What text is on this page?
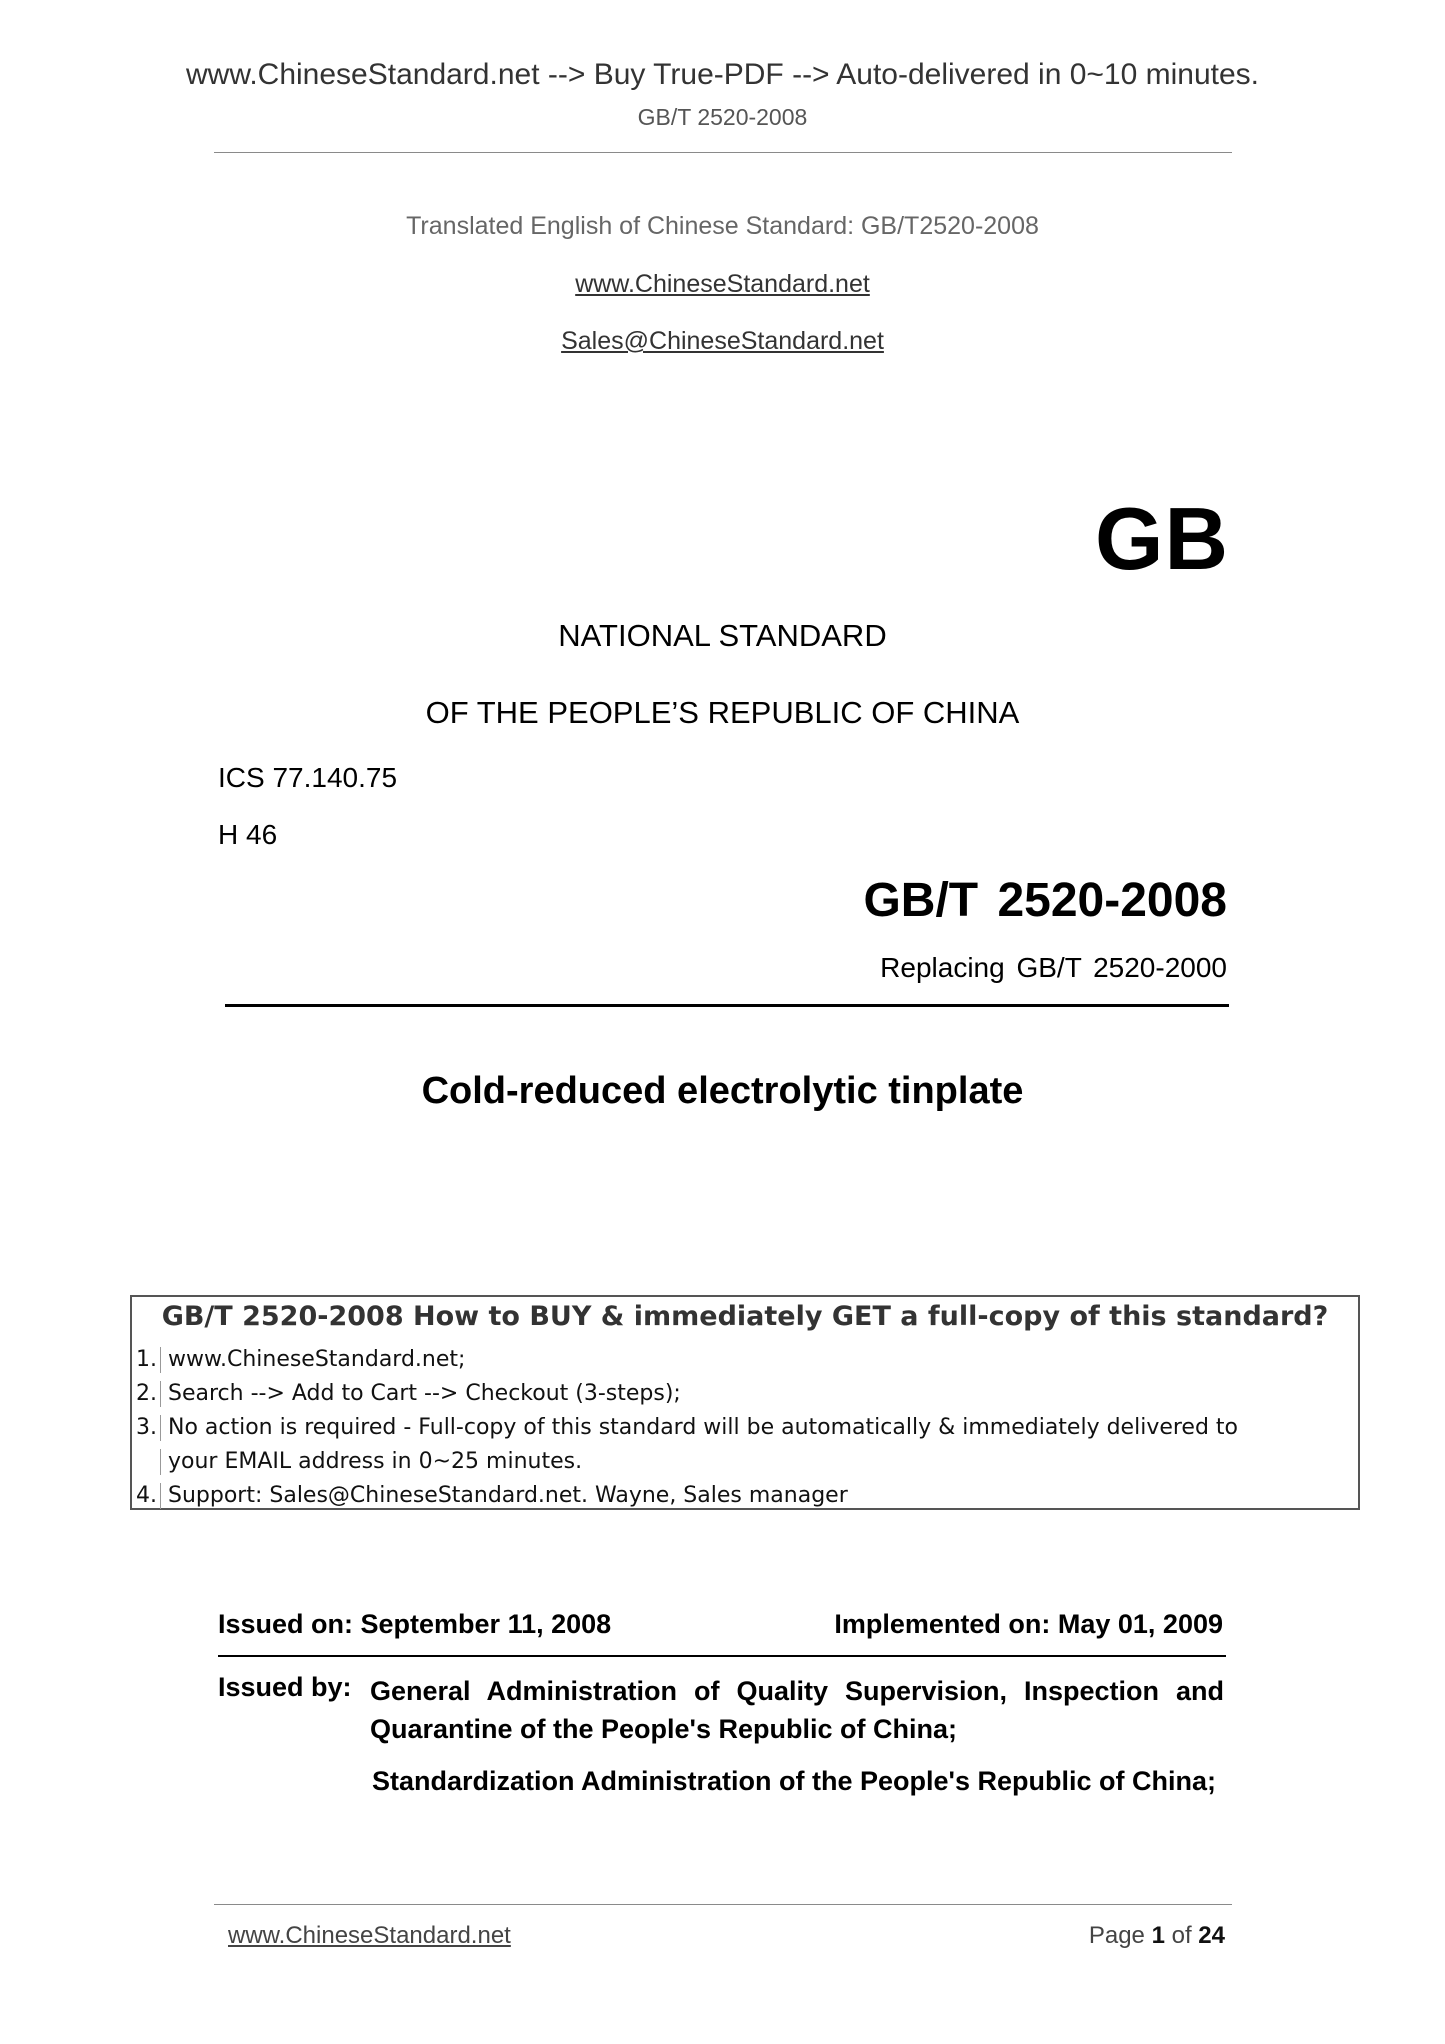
www.ChineseStandard.net --> Buy True-PDF --> Auto-delivered in 0~10 minutes.
GB/T 2520-2008
Translated English of Chinese Standard: GB/T2520-2008
www.ChineseStandard.net
Sales@ChineseStandard.net
GB
NATIONAL STANDARD
OF THE PEOPLE’S REPUBLIC OF CHINA
ICS 77.140.75
H 46
GB/T 2520-2008
Replacing GB/T 2520-2000
Cold-reduced electrolytic tinplate
GB/T 2520-2008 How to BUY & immediately GET a full-copy of this standard?
1. www.ChineseStandard.net;
2. Search --> Add to Cart --> Checkout (3-steps);
3. No action is required - Full-copy of this standard will be automatically & immediately delivered to
your EMAIL address in 0~25 minutes.
4. Support: Sales@ChineseStandard.net. Wayne, Sales manager
Issued on: September 11, 2008	Implemented on: May 01, 2009
Issued by: General Administration of Quality Supervision, Inspection and Quarantine of the People's Republic of China;
Standardization Administration of the People's Republic of China;
www.ChineseStandard.net	Page 1 of 24
